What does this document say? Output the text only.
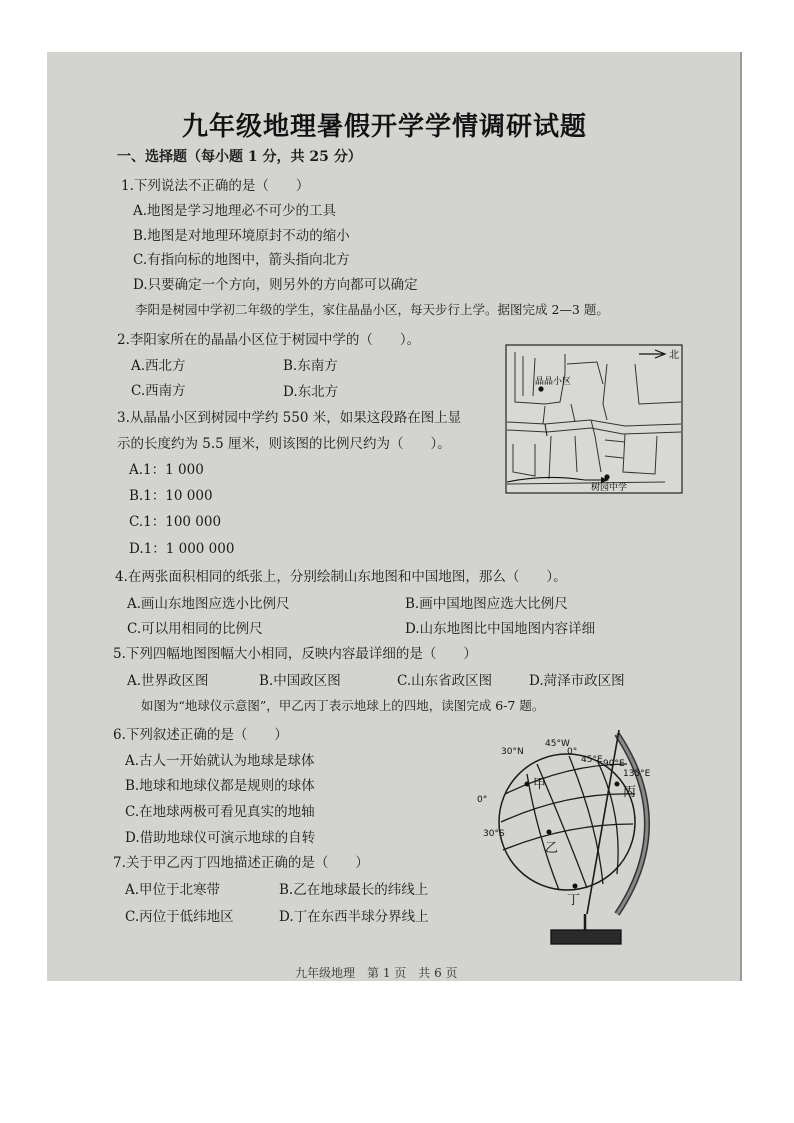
九年级地理暑假开学学情调研试题
一、选择题（每小题 1 分，共 25 分）
1.下列说法不正确的是（　　）
A.地图是学习地理必不可少的工具
B.地图是对地理环境原封不动的缩小
C.有指向标的地图中，箭头指向北方
D.只要确定一个方向，则另外的方向都可以确定
李阳是树园中学初二年级的学生，家住晶晶小区，每天步行上学。据图完成 2—3 题。
2.李阳家所在的晶晶小区位于树园中学的（　　）。
A.西北方	B.东南方
C.西南方	D.东北方
3.从晶晶小区到树园中学约 550 米，如果这段路在图上显
示的长度约为 5.5 厘米，则该图的比例尺约为（　　）。
A.1：1 000
B.1：10 000
C.1：100 000
D.1：1 000 000
晶晶小区
树园中学
北
4.在两张面积相同的纸张上，分别绘制山东地图和中国地图，那么（　　）。
A.画山东地图应选小比例尺	B.画中国地图应选大比例尺
C.可以用相同的比例尺	D.山东地图比中国地图内容详细
5.下列四幅地图图幅大小相同，反映内容最详细的是（　　）
A.世界政区图	B.中国政区图	C.山东省政区图	D.菏泽市政区图
如图为“地球仪示意图”，甲乙丙丁表示地球上的四地，读图完成 6-7 题。
6.下列叙述正确的是（　　）
A.古人一开始就认为地球是球体
B.地球和地球仪都是规则的球体
C.在地球两极可看见真实的地轴
D.借助地球仪可演示地球的自转
7.关于甲乙丙丁四地描述正确的是（　　）
A.甲位于北寒带	B.乙在地球最长的纬线上
C.丙位于低纬地区	D.丁在东西半球分界线上
30°N
0°
30°S
45°W
0°
45°E 90°E
135°E
甲
乙
丙
丁
九年级地理　第 1 页　共 6 页
